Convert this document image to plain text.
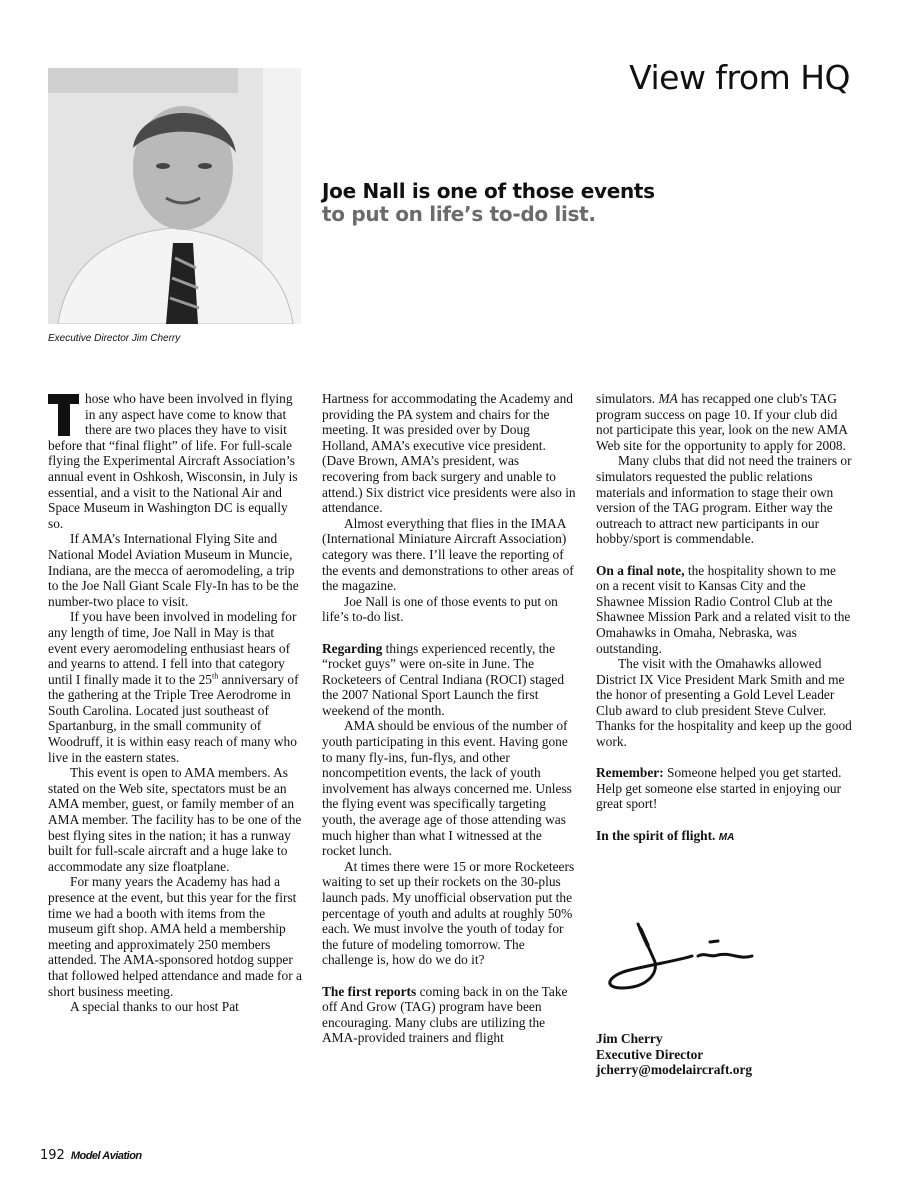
View from HQ
Executive Director Jim Cherry
Joe Nall is one of those events
to put on life’s to-do list.

hose who have been involved in flying in any aspect have come to know that there are two places they have to visit before that “final flight” of life. For full-scale flying the Experimental Aircraft Association’s annual event in Oshkosh, Wisconsin, in July is essential, and a visit to the National Air and Space Museum in Washington DC is equally so.

If AMA’s International Flying Site and National Model Aviation Museum in Muncie, Indiana, are the mecca of aeromodeling, a trip to the Joe Nall Giant Scale Fly-In has to be the number-two place to visit.

If you have been involved in modeling for any length of time, Joe Nall in May is that event every aeromodeling enthusiast hears of and yearns to attend. I fell into that category until I finally made it to the 25th anniversary of the gathering at the Triple Tree Aerodrome in South Carolina. Located just southeast of Spartanburg, in the small community of Woodruff, it is within easy reach of many who live in the eastern states.

This event is open to AMA members. As stated on the Web site, spectators must be an AMA member, guest, or family member of an AMA member. The facility has to be one of the best flying sites in the nation; it has a runway built for full-scale aircraft and a huge lake to accommodate any size floatplane.

For many years the Academy has had a presence at the event, but this year for the first time we had a booth with items from the museum gift shop. AMA held a membership meeting and approximately 250 members attended. The AMA-sponsored hotdog supper that followed helped attendance and made for a short business meeting.

A special thanks to our host Pat

Hartness for accommodating the Academy and providing the PA system and chairs for the meeting. It was presided over by Doug Holland, AMA’s executive vice president. (Dave Brown, AMA’s president, was recovering from back surgery and unable to attend.) Six district vice presidents were also in attendance.

Almost everything that flies in the IMAA (International Miniature Aircraft Association) category was there. I’ll leave the reporting of the events and demonstrations to other areas of the magazine.

Joe Nall is one of those events to put on life’s to-do list.

Regarding things experienced recently, the “rocket guys” were on-site in June. The Rocketeers of Central Indiana (ROCI) staged the 2007 National Sport Launch the first weekend of the month.

AMA should be envious of the number of youth participating in this event. Having gone to many fly-ins, fun-flys, and other noncompetition events, the lack of youth involvement has always concerned me. Unless the flying event was specifically targeting youth, the average age of those attending was much higher than what I witnessed at the rocket lunch.

At times there were 15 or more Rocketeers waiting to set up their rockets on the 30-plus launch pads. My unofficial observation put the percentage of youth and adults at roughly 50% each. We must involve the youth of today for the future of modeling tomorrow. The challenge is, how do we do it?

The first reports coming back in on the Take off And Grow (TAG) program have been encouraging. Many clubs are utilizing the AMA-provided trainers and flight

simulators. MA has recapped one club's TAG program success on page 10. If your club did not participate this year, look on the new AMA Web site for the opportunity to apply for 2008.

Many clubs that did not need the trainers or simulators requested the public relations materials and information to stage their own version of the TAG program. Either way the outreach to attract new participants in our hobby/sport is commendable.

On a final note, the hospitality shown to me on a recent visit to Kansas City and the Shawnee Mission Radio Control Club at the Shawnee Mission Park and a related visit to the Omahawks in Omaha, Nebraska, was outstanding.

The visit with the Omahawks allowed District IX Vice President Mark Smith and me the honor of presenting a Gold Level Leader Club award to club president Steve Culver. Thanks for the hospitality and keep up the good work.

Remember: Someone helped you get started. Help get someone else started in enjoying our great sport!

In the spirit of flight. MA

Jim Cherry
Executive Director
jcherry@modelaircraft.org
192 Model Aviation
